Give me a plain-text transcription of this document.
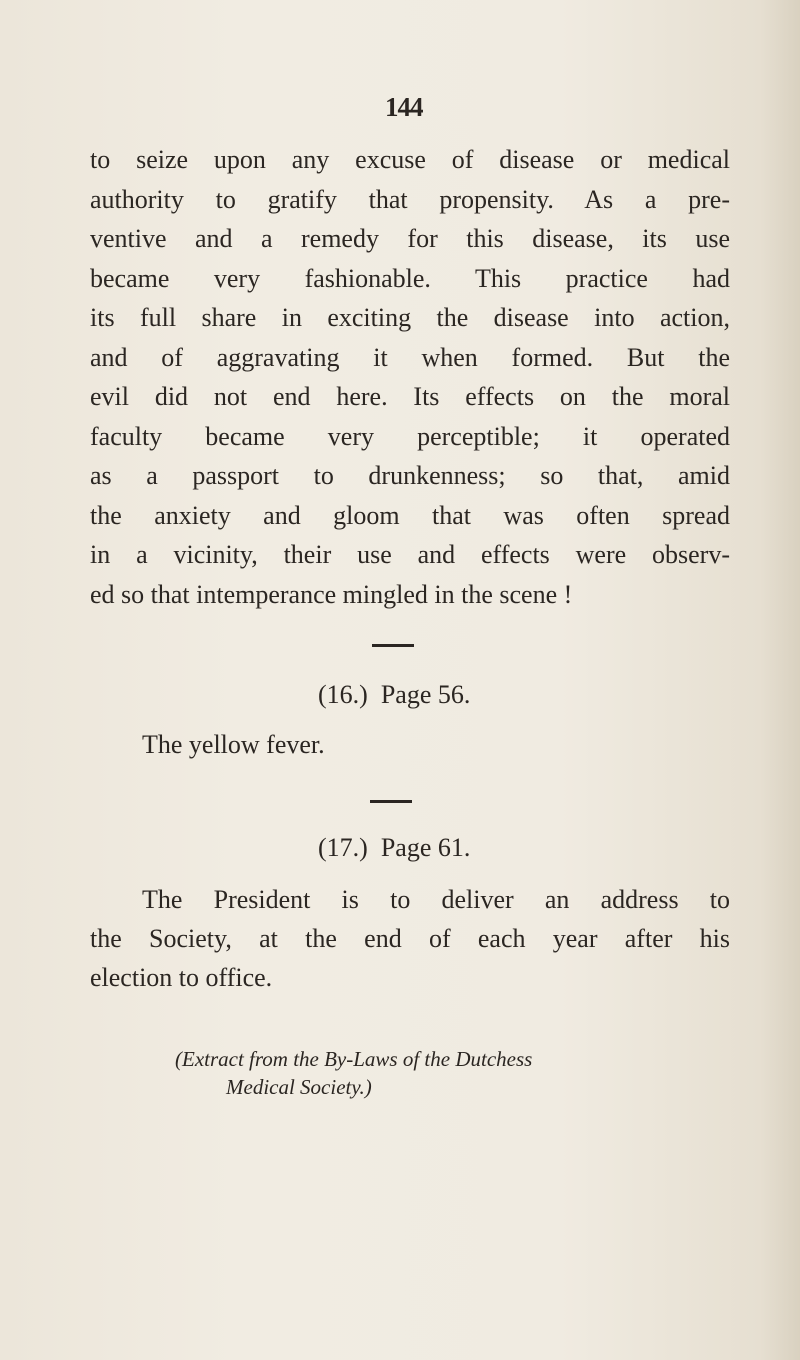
144
to seize upon any excuse of disease or medical
authority to gratify that propensity. As a pre-
ventive and a remedy for this disease, its use
became very fashionable. This practice had
its full share in exciting the disease into action,
and of aggravating it when formed. But the
evil did not end here. Its effects on the moral
faculty became very perceptible; it operated
as a passport to drunkenness; so that, amid
the anxiety and gloom that was often spread
in a vicinity, their use and effects were observ-
ed so that intemperance mingled in the scene !
(16.) Page 56.
The yellow fever.
(17.) Page 61.
The President is to deliver an address to
the Society, at the end of each year after his
election to office.
(Extract from the By-Laws of the Dutchess
Medical Society.)
